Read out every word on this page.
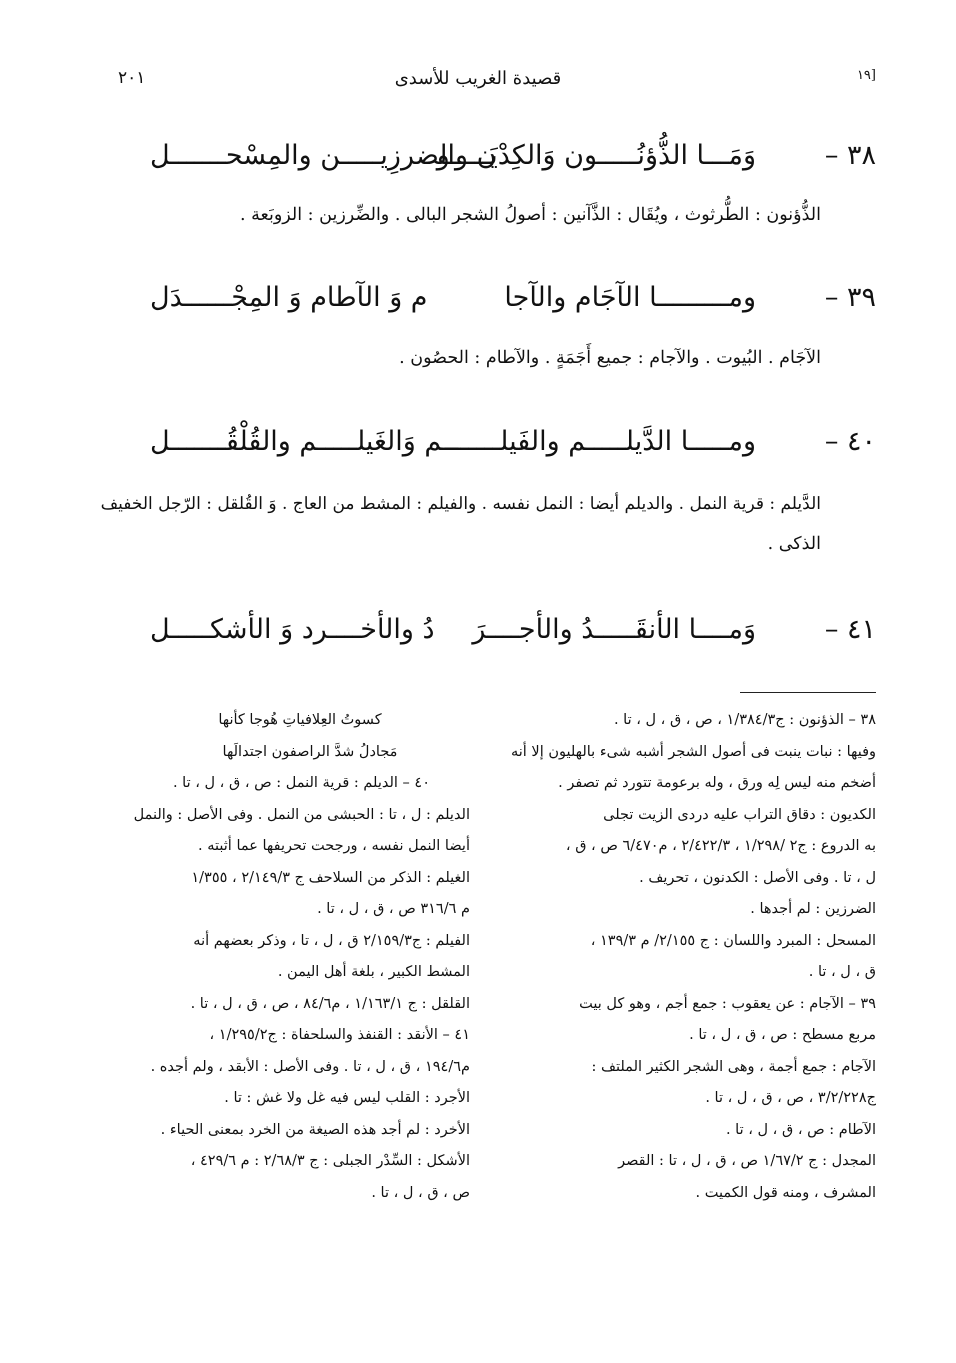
٢٠١	قصيدة الغريب للأسدى	[١٩
٣٨ –
وَمَـــا الذُّؤنُـــــون وَالكِدْيَـــــو
ن والضرزِيـــــن والمِسْحـــــــل
الذُّؤنون : الطُّرثوث ، ويُقَال : الذَّآنين : أصولُ الشجر البالى . والضِّرزين : الزوبَعة .
٣٩ –
ومـــــــــا الآجَام والآجا
م وَ الآطام وَ المِجْــــــدَل
الآجَام . البُيوت . والآجام : جميع أَجَمَةٍ . والآطام : الحصُون .
٤٠ –
ومـــــا الدَّيلـــــم والفَيلـــــــ
ــم وَالغَيلـــــم والقُلْقُـــــــل
الدَّيلم : قرية النمل . والديلم أيضا : النمل نفسه . والفيلم : المشط من العاج . وَ القُلقل : الرّجل الخفيف
الذكى .
٤١ –
وَمــــا الأنقَـــــدُ والأجــــرَ
دُ والأخــــرد وَ الأشكـــــل
٣٨ – الذؤنون : ج١/٣٨٤/٣ ، ص ، ق ، ل ، تا .
وفيها : نبات ينبت فى أصول الشجر أشبه شىء بالهليون إلا أنه
أضخم منه ليس لِه ورق ، وله برعومة تتورد ثم تصفر .
الكديون : دقاق التراب عليه دردى الزيت تجلى
به الدروع : ج٢ /١/٢٩٨ ، ٢/٤٢٢/٣ ، م٦/٤٧٠ ص ، ق ،
ل ، تا . وفى الأصل : الكدنون ، تحريف .
الضرزين : لم أجدها .
المسحل : المبرد واللسان : ج ٢/١٥٥/ م ١٣٩/٣ ،
ق ، ل ، تا .
٣٩ – الآجام : عن يعقوب : جمع أجم ، وهو كل بيت
مربع مسطح : ص ، ق ، ل ، تا .
الآجام : جمع أجمة ، وهى الشجر الكثير الملتف :
ج٣/٢/٢٢٨ ، ص ، ق ، ل ، تا .
الآطام : ص ، ق ، ل ، تا .
المجدل : ج ١/٦٧/٢ ص ، ق ، ل ، تا : القصر
المشرف ، ومنه قول الكميت .
كسوتُ العِلافياتِ هُوجا كأنها
مَجادلُ شدَّ الراصفون اجتدالَها
٤٠ – الديلم : قرية النمل : ص ، ق ، ل ، تا .
الديلم : ل ، تا : الحبشى من النمل . وفى الأصل : والنمل
أيضا النمل نفسه ، ورجحت تحريفها عما أثبته .
الغيلم : الذكر من السلاحف ج ٢/١٤٩/٣ ، ١/٣٥٥
م ٣١٦/٦ ص ، ق ، ل ، تا .
الفيلم : ج٢/١٥٩/٣ ق ، ل ، تا ، وذكر بعضهم أنه
المشط الكبير ، بلغة أهل اليمن .
القلقل : ج ١/١٦٣/١ ، م٨٤/٦ ، ص ، ق ، ل ، تا .
٤١ – الأنقد : القنفذ والسلحفاة : ج١/٢٩٥/٢ ،
م١٩٤/٦ ، ق ، ل ، تا . وفى الأصل : الأبقد ، ولم أجده .
الأجرد : القلب ليس فيه غل ولا غش : تا .
الأخرد : لم أجد هذه الصيغة من الخرد بمعنى الحياء .
الأشكل : السِّدْر الجبلى : ج ٢/٦٨/٣ : م ٤٢٩/٦ ،
ص ، ق ، ل ، تا .
